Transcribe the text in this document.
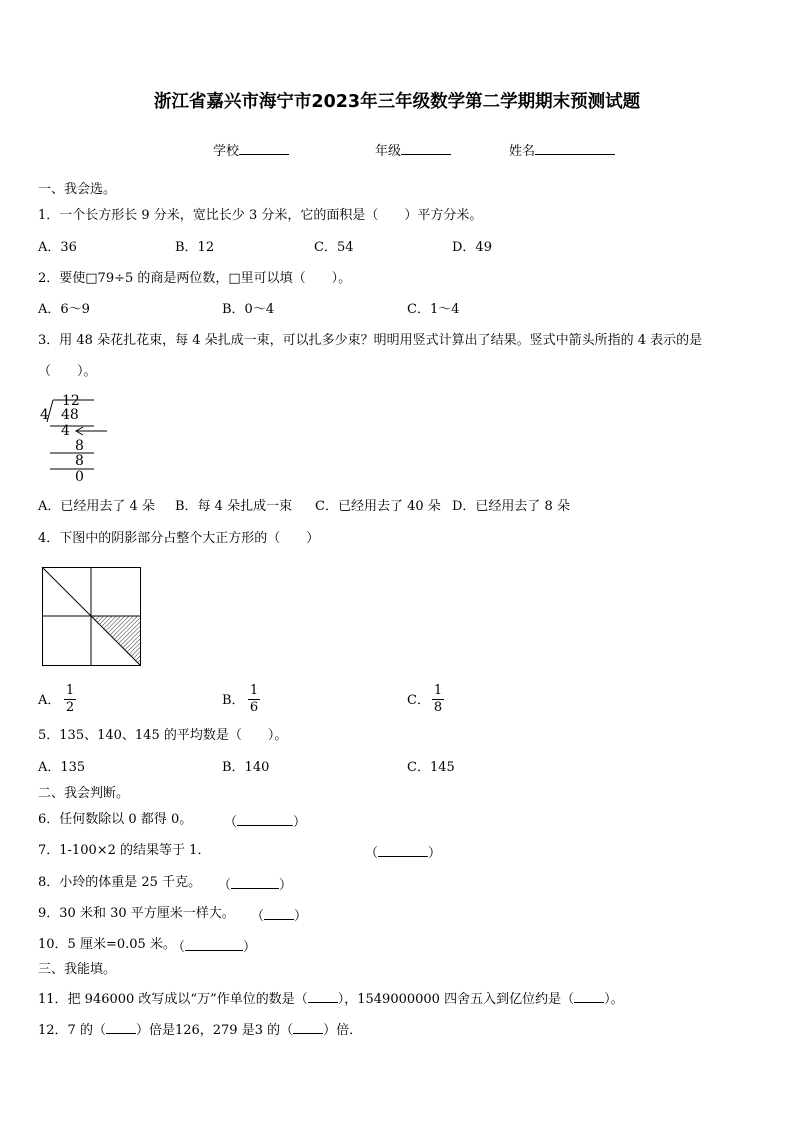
浙江省嘉兴市海宁市2023年三年级数学第二学期期末预测试题
学校	年级	姓名
一、我会选。
1．一个长方形长 9 分米，宽比长少 3 分米，它的面积是（　　）平方分米。
A．36	B．12	C．54	D．49
2．要使□79÷5 的商是两位数，□里可以填（　　）。
A．6～9	B．0～4	C．1～4
3．用 48 朵花扎花束，每 4 朵扎成一束，可以扎多少束？明明用竖式计算出了结果。竖式中箭头所指的 4 表示的是
（　　）。
12
4 48
4
8
8
0
A．已经用去了 4 朵 B．每 4 朵扎成一束 C．已经用去了 40 朵 D．已经用去了 8 朵
4．下图中的阴影部分占整个大正方形的（　　）
A．
1
2	B．
1
6	C．
1
8
5．135、140、145 的平均数是（　　）。
A．135	B．140	C．145
二、我会判断。
6．任何数除以 0 都得 0。 （	）
7．1-100×2 的结果等于 1．	（	）
8．小玲的体重是 25 千克。 （	）
9．30 米和 30 平方厘米一样大。 （ ）
10．5 厘米=0.05 米。
（	）
三、我能填。
11．把 946000 改写成以“万”作单位的数是（ ），1549000000 四舍五入到亿位约是（ ）。
12．7 的（ ）倍是126，279 是3 的（ ）倍．
